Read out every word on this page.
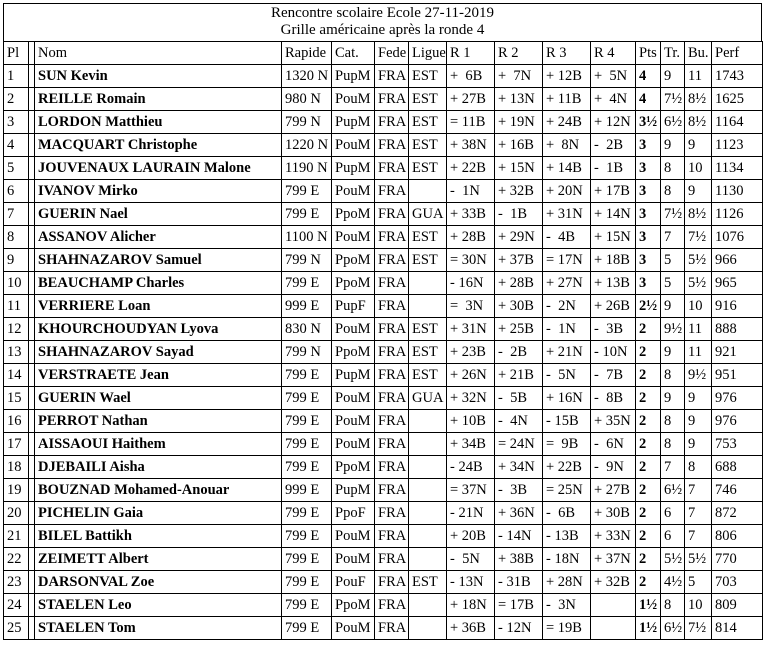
Rencontre scolaire Ecole 27-11-2019
Grille américaine après la ronde 4
Pl		Nom	Rapide	Cat.	Fede	Ligue	R 1	R 2	R 3	R 4	Pts	Tr.	Bu.	Perf
1		SUN Kevin	1320 N	PupM	FRA	EST	+  6B	+  7N	+ 12B	+  5N	4	9	11	1743
2		REILLE Romain	980 N	PouM	FRA	EST	+ 27B	+ 13N	+ 11B	+  4N	4	7½	8½	1625
3		LORDON Matthieu	799 N	PupM	FRA	EST	= 11B	+ 19N	+ 24B	+ 12N	3½	6½	8½	1164
4		MACQUART Christophe	1220 N	PouM	FRA	EST	+ 38N	+ 16B	+  8N	-  2B	3	9	9	1123
5		JOUVENAUX LAURAIN Malone	1190 N	PupM	FRA	EST	+ 22B	+ 15N	+ 14B	-  1B	3	8	10	1134
6		IVANOV Mirko	799 E	PouM	FRA		-  1N	+ 32B	+ 20N	+ 17B	3	8	9	1130
7		GUERIN Nael	799 E	PpoM	FRA	GUA	+ 33B	-  1B	+ 31N	+ 14N	3	7½	8½	1126
8		ASSANOV Alicher	1100 N	PouM	FRA	EST	+ 28B	+ 29N	-  4B	+ 15N	3	7	7½	1076
9		SHAHNAZAROV Samuel	799 N	PpoM	FRA	EST	= 30N	+ 37B	= 17N	+ 18B	3	5	5½	966
10		BEAUCHAMP Charles	799 E	PpoM	FRA		- 16N	+ 28B	+ 27N	+ 13B	3	5	5½	965
11		VERRIERE Loan	999 E	PupF	FRA		=  3N	+ 30B	-  2N	+ 26B	2½	9	10	916
12		KHOURCHOUDYAN Lyova	830 N	PouM	FRA	EST	+ 31N	+ 25B	-  1N	-  3B	2	9½	11	888
13		SHAHNAZAROV Sayad	799 N	PpoM	FRA	EST	+ 23B	-  2B	+ 21N	- 10N	2	9	11	921
14		VERSTRAETE Jean	799 E	PupM	FRA	EST	+ 26N	+ 21B	-  5N	-  7B	2	8	9½	951
15		GUERIN Wael	799 E	PouM	FRA	GUA	+ 32N	-  5B	+ 16N	-  8B	2	9	9	976
16		PERROT Nathan	799 E	PouM	FRA		+ 10B	-  4N	- 15B	+ 35N	2	8	9	976
17		AISSAOUI Haithem	799 E	PouM	FRA		+ 34B	= 24N	=  9B	-  6N	2	8	9	753
18		DJEBAILI Aisha	799 E	PpoM	FRA		- 24B	+ 34N	+ 22B	-  9N	2	7	8	688
19		BOUZNAD Mohamed-Anouar	999 E	PupM	FRA		= 37N	-  3B	= 25N	+ 27B	2	6½	7	746
20		PICHELIN Gaia	799 E	PpoF	FRA		- 21N	+ 36N	-  6B	+ 30B	2	6	7	872
21		BILEL Battikh	799 E	PouM	FRA		+ 20B	- 14N	- 13B	+ 33N	2	6	7	806
22		ZEIMETT Albert	799 E	PouM	FRA		-  5N	+ 38B	- 18N	+ 37N	2	5½	5½	770
23		DARSONVAL Zoe	799 E	PouF	FRA	EST	- 13N	- 31B	+ 28N	+ 32B	2	4½	5	703
24		STAELEN Leo	799 E	PpoM	FRA		+ 18N	= 17B	-  3N		1½	8	10	809
25		STAELEN Tom	799 E	PouM	FRA		+ 36B	- 12N	= 19B		1½	6½	7½	814
